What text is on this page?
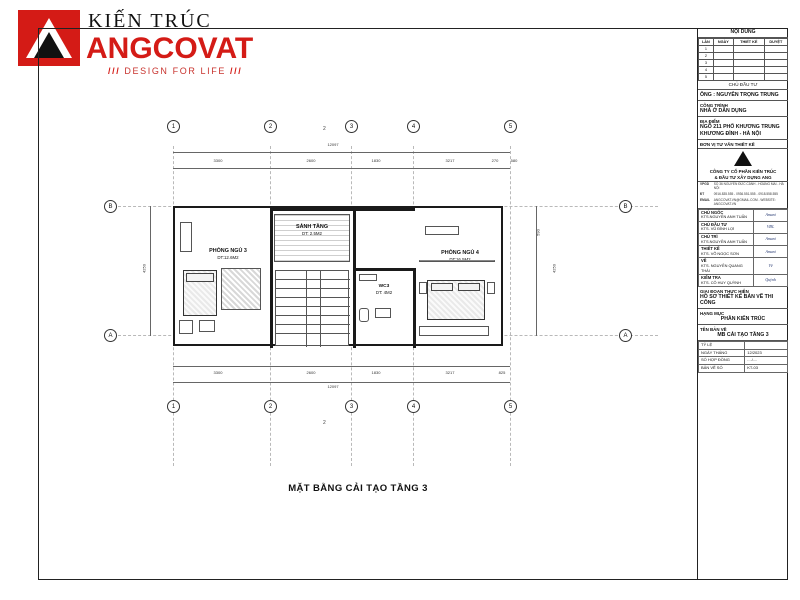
KIẾN TRÚC
ANGCOVAT
/// DESIGN FOR LIFE ///
1	2	3	4	5
1	2	3	4	5
B
A
B
A
12097
3300	2600	1830	3217	270	580
3300	2600	1830	3217	825
12097
4250
590
4250
2
2
PHÒNG NGỦ 3
DT:12.6M2
SẢNH TẦNG
DT: 2.5M2
WC3
DT: 4M2
PHÒNG NGỦ 4

MẶT BẰNG CẢI TẠO TẦNG 3
NỘI DUNG
LẦN	NGÀY	THIẾT KẾ	DUYỆT
1			
2			
3			
4			
5			
CHỦ ĐẦU TƯ
ÔNG : NGUYỄN TRỌNG TRUNG
CÔNG TRÌNH
NHÀ Ở DÂN DỤNG
ĐỊA ĐIỂM
NGÕ 211 PHỐ KHƯƠNG TRUNG
KHƯƠNG ĐÌNH - HÀ NỘI
ĐƠN VỊ TƯ VẤN THIẾT KẾ
CÔNG TY CỔ PHẦN KIẾN TRÚC
& ĐẦU TƯ XÂY DỰNG ANG
VPGD	SỐ 36 NGUYỄN ĐỨC CẢNH - HOÀNG MAI - HÀ NỘI
ĐT	0916.835.555 - 0936.551.555 - 0918.558.555
EMAIL	ANGCOVAT.VN@GMAIL.COM - WEBSITE: ANGCOVAT.VN
CHỦ NGỐC
KTS.NGUYỄN ANH TUẤN	Amuni

CHỦ ĐẦU TƯ
KTS. VŨ ĐÌNH LỢI	VĐL

CHỦ TRÌ
KTS.NGUYỄN ANH TUẤN	Amuni

THIẾT KẾ
KTS. VÕ NGỌC SƠN	Amuni

VẼ
KTS. NGUYỄN QUANG THÁI	Vẽ

KIỂM TRA
KTS. CÔ HUY QUỲNH	Quỳnh
GIAI ĐOẠN THỰC HIỆN
HỒ SƠ THIẾT KẾ BẢN VẼ THI CÔNG
HẠNG MỤC
PHẦN KIẾN TRÚC
TÊN BẢN VẼ
MB CẢI TẠO TẦNG 3
TỶ LỆ	
NGÀY THÁNG	12/2023
SỐ HỢP ĐỒNG	..../....
BẢN VẼ SỐ	KT-03
